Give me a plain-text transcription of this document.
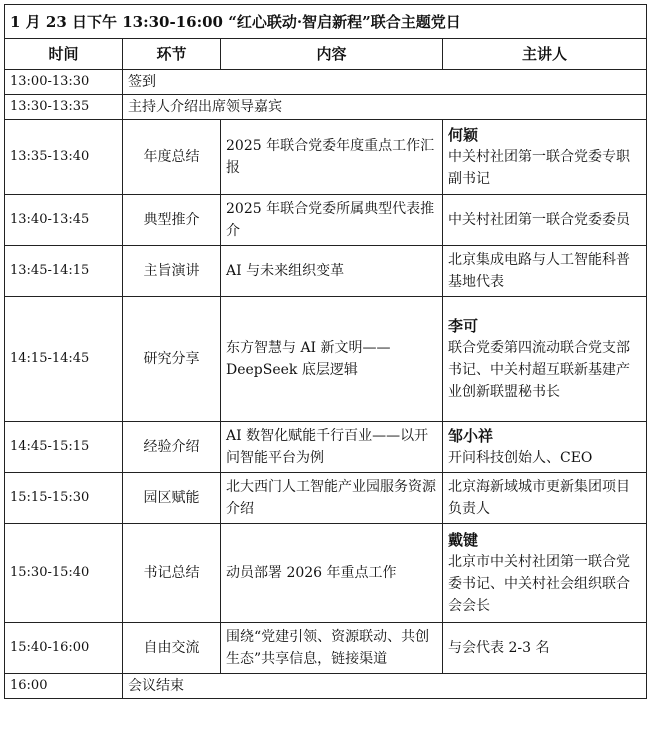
1 月 23 日下午 13:30-16:00 “红心联动·智启新程”联合主题党日			
时间	环节	内容	主讲人
13:00-13:30	签到		
13:30-13:35	主持人介绍出席领导嘉宾		
13:35-13:40	年度总结	2025 年联合党委年度重点工作汇报	何颖
中关村社团第一联合党委专职副书记

13:40-13:45	典型推介	2025 年联合党委所属典型代表推介	中关村社团第一联合党委委员

13:45-14:15	主旨演讲	AI 与未来组织变革	北京集成电路与人工智能科普基地代表

14:15-14:45	研究分享	东方智慧与 AI 新文明——DeepSeek 底层逻辑	李可
联合党委第四流动联合党支部书记、中关村超互联新基建产业创新联盟秘书长

14:45-15:15	经验介绍	AI 数智化赋能千行百业——以开问智能平台为例	邹小祥
开问科技创始人、CEO

15:15-15:30	园区赋能	北大西门人工智能产业园服务资源介绍	北京海新域城市更新集团项目负责人

15:30-15:40	书记总结	动员部署 2026 年重点工作	戴键
北京市中关村社团第一联合党委书记、中关村社会组织联合会会长

15:40-16:00	自由交流	围绕“党建引领、资源联动、共创生态”共享信息，链接渠道	与会代表 2-3 名

16:00	会议结束		
